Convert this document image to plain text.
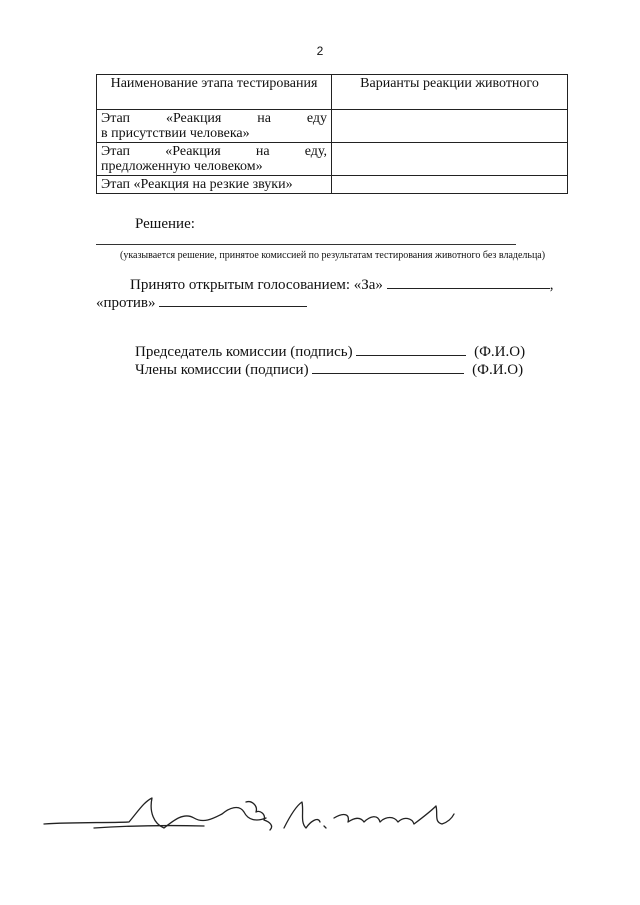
2
Наименование этапа тестирования	Варианты реакции животного

Этап «Реакция на еду
в присутствии человека»	

Этап «Реакция на еду,
предложенную человеком»	
Этап «Реакция на резкие звуки»	
Решение:
(указывается решение, принятое комиссией по результатам тестирования животного без владельца)
Принято открытым голосованием: «За»	,
«против»
Председатель комиссии (подпись)	(Ф.И.О)
Члены комиссии (подписи)	(Ф.И.О)
